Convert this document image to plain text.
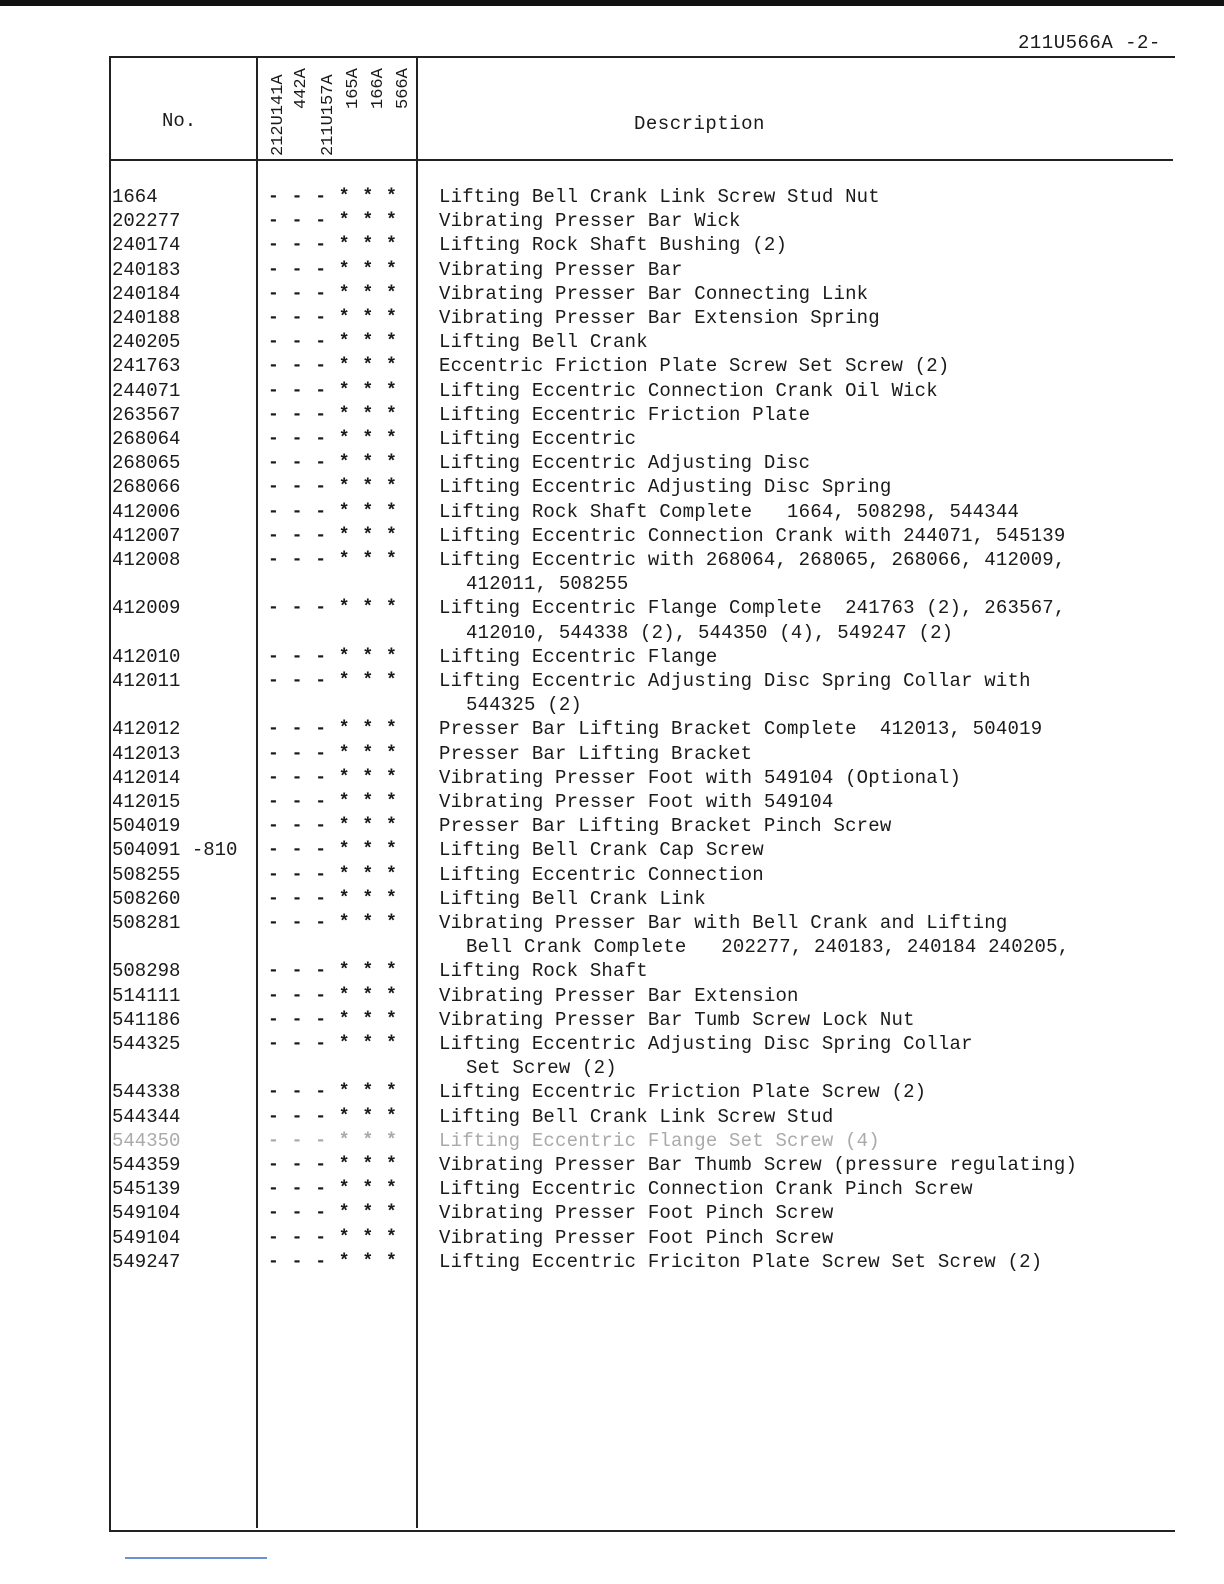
211U566A -2-
No.	Description
212U141A 442A 211U157A 165A 166A 566A
1664	- - - * * * Lifting Bell Crank Link Screw Stud Nut
202277	- - - * * * Vibrating Presser Bar Wick
240174	- - - * * * Lifting Rock Shaft Bushing (2)
240183	- - - * * * Vibrating Presser Bar
240184	- - - * * * Vibrating Presser Bar Connecting Link
240188	- - - * * * Vibrating Presser Bar Extension Spring
240205	- - - * * * Lifting Bell Crank
241763	- - - * * * Eccentric Friction Plate Screw Set Screw (2)
244071	- - - * * * Lifting Eccentric Connection Crank Oil Wick
263567	- - - * * * Lifting Eccentric Friction Plate
268064	- - - * * * Lifting Eccentric
268065	- - - * * * Lifting Eccentric Adjusting Disc
268066	- - - * * * Lifting Eccentric Adjusting Disc Spring
412006	- - - * * * Lifting Rock Shaft Complete   1664, 508298, 544344
412007	- - - * * * Lifting Eccentric Connection Crank with 244071, 545139
412008	- - - * * * Lifting Eccentric with 268064, 268065, 268066, 412009,
412011, 508255
412009	- - - * * * Lifting Eccentric Flange Complete  241763 (2), 263567,
412010, 544338 (2), 544350 (4), 549247 (2)
412010	- - - * * * Lifting Eccentric Flange
412011	- - - * * * Lifting Eccentric Adjusting Disc Spring Collar with
544325 (2)
412012	- - - * * * Presser Bar Lifting Bracket Complete  412013, 504019
412013	- - - * * * Presser Bar Lifting Bracket
412014	- - - * * * Vibrating Presser Foot with 549104 (Optional)
412015	- - - * * * Vibrating Presser Foot with 549104
504019	- - - * * * Presser Bar Lifting Bracket Pinch Screw
504091 -810 - - - * * * Lifting Bell Crank Cap Screw
508255	- - - * * * Lifting Eccentric Connection
508260	- - - * * * Lifting Bell Crank Link
508281	- - - * * * Vibrating Presser Bar with Bell Crank and Lifting
Bell Crank Complete   202277, 240183, 240184 240205,
508298	- - - * * * Lifting Rock Shaft
514111	- - - * * * Vibrating Presser Bar Extension
541186	- - - * * * Vibrating Presser Bar Tumb Screw Lock Nut
544325	- - - * * * Lifting Eccentric Adjusting Disc Spring Collar
Set Screw (2)
544338	- - - * * * Lifting Eccentric Friction Plate Screw (2)
544344	- - - * * * Lifting Bell Crank Link Screw Stud
544350	- - - * * * Lifting Eccentric Flange Set Screw (4)
544359	- - - * * * Vibrating Presser Bar Thumb Screw (pressure regulating)
545139	- - - * * * Lifting Eccentric Connection Crank Pinch Screw
549104	- - - * * * Vibrating Presser Foot Pinch Screw
549104	- - - * * * Vibrating Presser Foot Pinch Screw
549247	- - - * * * Lifting Eccentric Friciton Plate Screw Set Screw (2)
